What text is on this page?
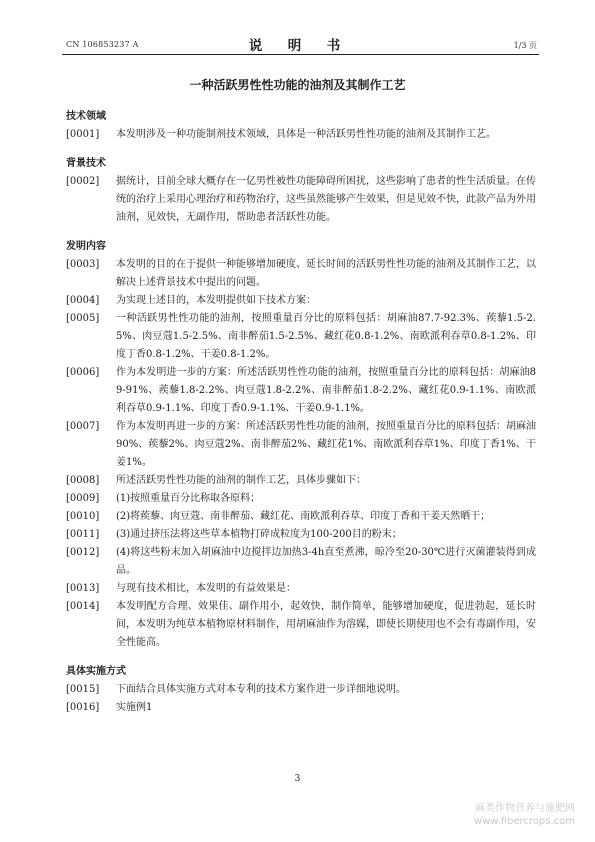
CN 106853237 A	说　明　书	1/3 页
一种活跃男性性功能的油剂及其制作工艺
技术领域
[0001]	本发明涉及一种功能制剂技术领域，具体是一种活跃男性性功能的油剂及其制作工艺。
背景技术
[0002]	据统计，目前全球大概存在一亿男性被性功能障碍所困扰，这些影响了患者的性生活质量。在传统的治疗上采用心理治疗和药物治疗，这些虽然能够产生效果，但是见效不快，此款产品为外用油剂，见效快，无副作用，帮助患者活跃性功能。
发明内容
[0003]	本发明的目的在于提供一种能够增加硬度、延长时间的活跃男性性功能的油剂及其制作工艺，以解决上述背景技术中提出的问题。
[0004]	为实现上述目的，本发明提供如下技术方案：
[0005]	一种活跃男性性功能的油剂，按照重量百分比的原料包括：胡麻油87.7-92.3%、蒺藜1.5-2.5%、肉豆蔻1.5-2.5%、南非醉茄1.5-2.5%、藏红花0.8-1.2%、南欧派利吞草0.8-1.2%、印度丁香0.8-1.2%、干姜0.8-1.2%。
[0006]	作为本发明进一步的方案：所述活跃男性性功能的油剂，按照重量百分比的原料包括：胡麻油89-91%、蒺藜1.8-2.2%、肉豆蔻1.8-2.2%、南非醉茄1.8-2.2%、藏红花0.9-1.1%、南欧派利吞草0.9-1.1%、印度丁香0.9-1.1%、干姜0.9-1.1%。
[0007]	作为本发明再进一步的方案：所述活跃男性性功能的油剂，按照重量百分比的原料包括：胡麻油90%、蒺藜2%、肉豆蔻2%、南非醉茄2%、藏红花1%、南欧派利吞草1%、印度丁香1%、干姜1%。
[0008]	所述活跃男性性功能的油剂的制作工艺，具体步骤如下：
[0009]	(1)按照重量百分比称取各原料；
[0010]	(2)将蒺藜、肉豆蔻、南非醉茄、藏红花、南欧派利吞草、印度丁香和干姜天然晒干；
[0011]	(3)通过挤压法将这些草本植物打碎成粒度为100-200目的粉末；
[0012]	(4)将这些粉末加入胡麻油中边搅拌边加热3-4h直至煮沸，晾冷至20-30℃进行灭菌灌装得到成品。
[0013]	与现有技术相比，本发明的有益效果是：
[0014]	本发明配方合理、效果佳、副作用小，起效快，制作简单，能够增加硬度，促进勃起，延长时间，本发明为纯草本植物原材料制作，用胡麻油作为溶媒，即使长期使用也不会有毒副作用，安全性能高。
具体实施方式
[0015]	下面结合具体实施方式对本专利的技术方案作进一步详细地说明。
[0016]	实施例1
3
麻类作物营养与施肥网
www.fibercrops.com
